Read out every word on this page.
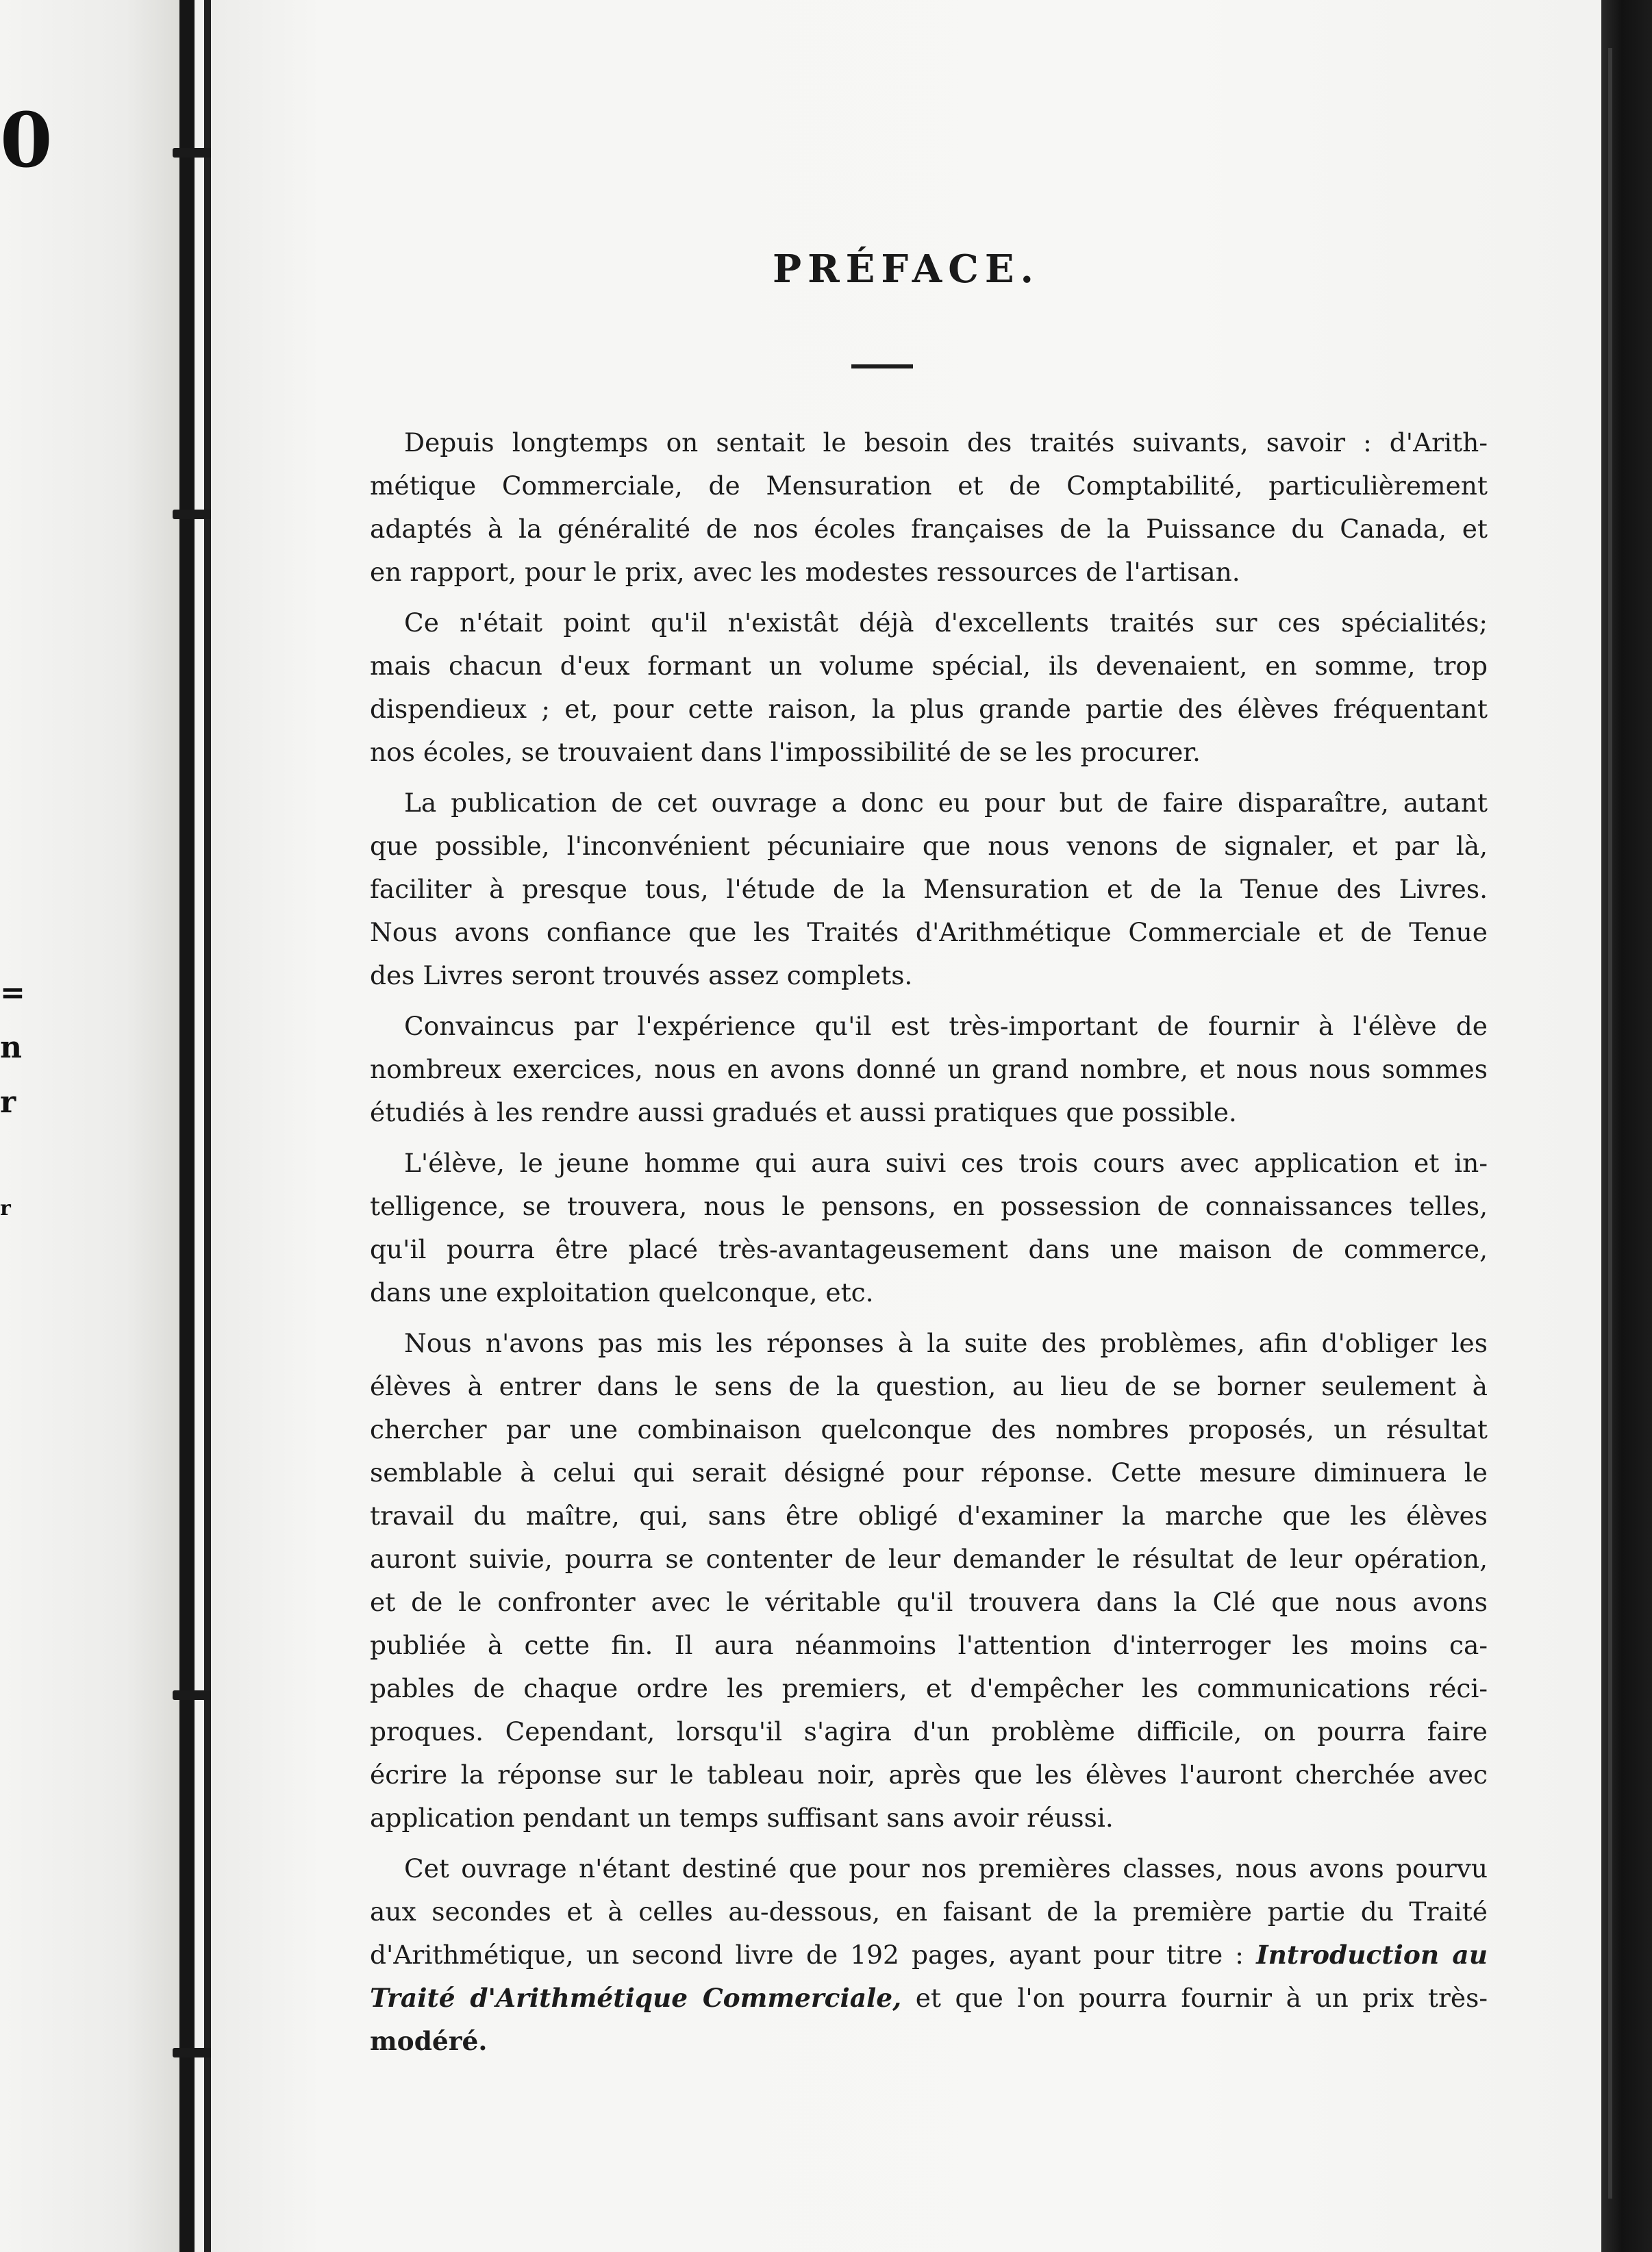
0
=
n
r
r
PRÉFACE.

Depuis longtemps on sentait le besoin des traités suivants, savoir : d'Arith-
métique Commerciale, de Mensuration et de Comptabilité, particulièrement
adaptés à la généralité de nos écoles françaises de la Puissance du Canada, et
en rapport, pour le prix, avec les modestes ressources de l'artisan.

Ce n'était point qu'il n'existât déjà d'excellents traités sur ces spécialités;
mais chacun d'eux formant un volume spécial, ils devenaient, en somme, trop
dispendieux ; et, pour cette raison, la plus grande partie des élèves fréquentant
nos écoles, se trouvaient dans l'impossibilité de se les procurer.

La publication de cet ouvrage a donc eu pour but de faire disparaître, autant
que possible, l'inconvénient pécuniaire que nous venons de signaler, et par là,
faciliter à presque tous, l'étude de la Mensuration et de la Tenue des Livres.
Nous avons confiance que les Traités d'Arithmétique Commerciale et de Tenue
des Livres seront trouvés assez complets.

Convaincus par l'expérience qu'il est très-important de fournir à l'élève de
nombreux exercices, nous en avons donné un grand nombre, et nous nous sommes
étudiés à les rendre aussi gradués et aussi pratiques que possible.

L'élève, le jeune homme qui aura suivi ces trois cours avec application et in-
telligence, se trouvera, nous le pensons, en possession de connaissances telles,
qu'il pourra être placé très-avantageusement dans une maison de commerce,
dans une exploitation quelconque, etc.

Nous n'avons pas mis les réponses à la suite des problèmes, afin d'obliger les
élèves à entrer dans le sens de la question, au lieu de se borner seulement à
chercher par une combinaison quelconque des nombres proposés, un résultat
semblable à celui qui serait désigné pour réponse. Cette mesure diminuera le
travail du maître, qui, sans être obligé d'examiner la marche que les élèves
auront suivie, pourra se contenter de leur demander le résultat de leur opération,
et de le confronter avec le véritable qu'il trouvera dans la Clé que nous avons
publiée à cette fin. Il aura néanmoins l'attention d'interroger les moins ca-
pables de chaque ordre les premiers, et d'empêcher les communications réci-
proques. Cependant, lorsqu'il s'agira d'un problème difficile, on pourra faire
écrire la réponse sur le tableau noir, après que les élèves l'auront cherchée avec
application pendant un temps suffisant sans avoir réussi.

Cet ouvrage n'étant destiné que pour nos premières classes, nous avons pourvu
aux secondes et à celles au-dessous, en faisant de la première partie du Traité
d'Arithmétique, un second livre de 192 pages, ayant pour titre : Introduction au
Traité d'Arithmétique Commerciale, et que l'on pourra fournir à un prix très-
modéré.
